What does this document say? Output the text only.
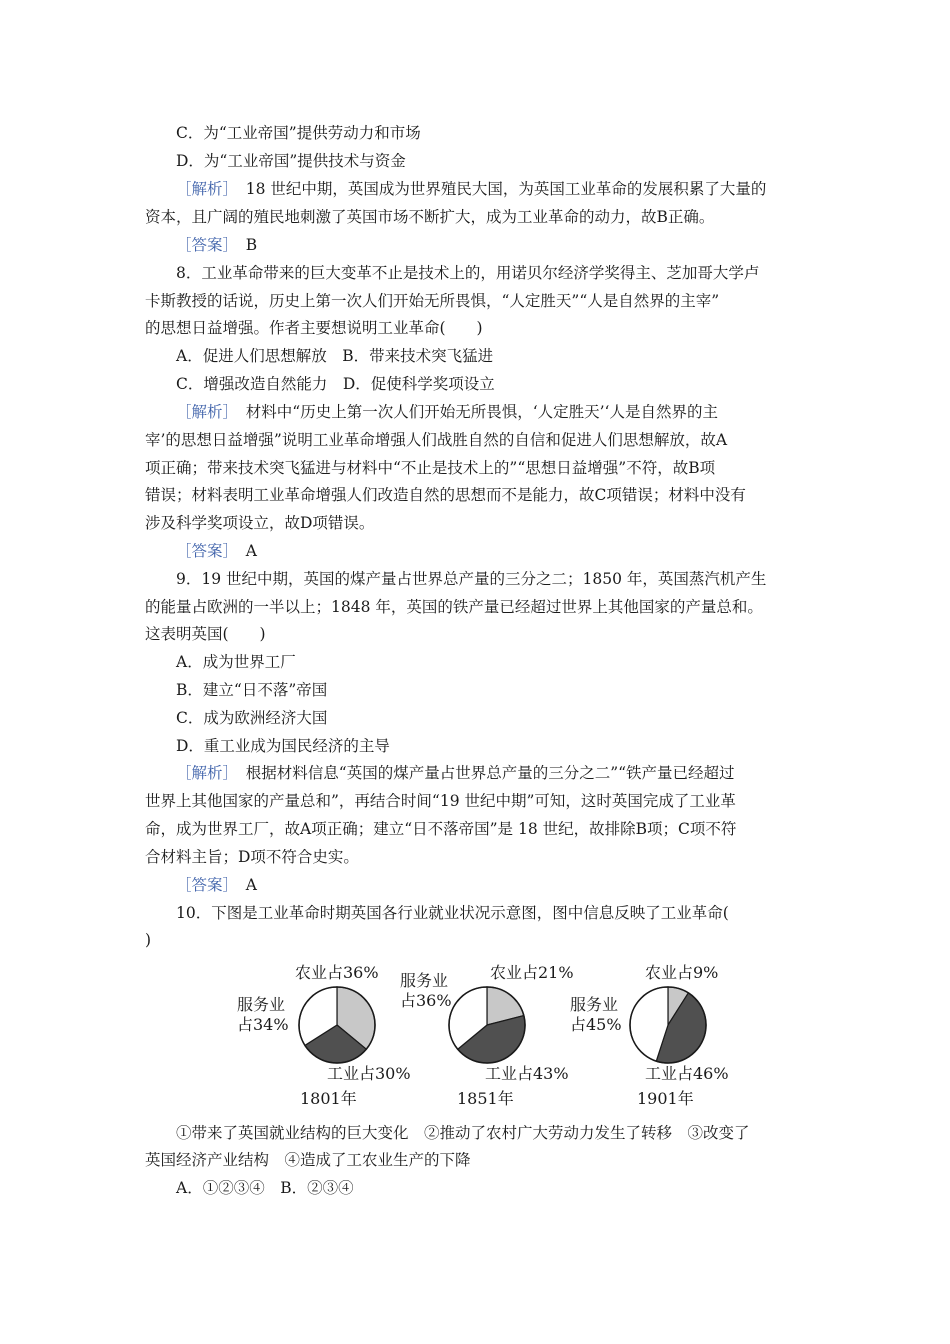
C．为“工业帝国”提供劳动力和市场
D．为“工业帝国”提供技术与资金
［解析］　 18 世纪中期，英国成为世界殖民大国，为英国工业革命的发展积累了大量的
资本，且广阔的殖民地刺激了英国市场不断扩大，成为工业革命的动力，故B正确。
［答案］　 B
8．工业革命带来的巨大变革不止是技术上的，用诺贝尔经济学奖得主、芝加哥大学卢
卡斯教授的话说，历史上第一次人们开始无所畏惧，“人定胜天”“人是自然界的主宰”
的思想日益增强。作者主要想说明工业革命(　　)
A．促进人们思想解放　B．带来技术突飞猛进
C．增强改造自然能力　D．促使科学奖项设立
［解析］　 材料中“历史上第一次人们开始无所畏惧，‘人定胜天’‘人是自然界的主
宰’的思想日益增强”说明工业革命增强人们战胜自然的自信和促进人们思想解放，故A
项正确；带来技术突飞猛进与材料中“不止是技术上的”“思想日益增强”不符，故B项
错误；材料表明工业革命增强人们改造自然的思想而不是能力，故C项错误；材料中没有
涉及科学奖项设立，故D项错误。
［答案］　 A
9．19 世纪中期，英国的煤产量占世界总产量的三分之二；1850 年，英国蒸汽机产生
的能量占欧洲的一半以上；1848 年，英国的铁产量已经超过世界上其他国家的产量总和。
这表明英国(　　)
A．成为世界工厂
B．建立“日不落”帝国
C．成为欧洲经济大国
D．重工业成为国民经济的主导
［解析］　 根据材料信息“英国的煤产量占世界总产量的三分之二”“铁产量已经超过
世界上其他国家的产量总和”，再结合时间“19 世纪中期”可知，这时英国完成了工业革
命，成为世界工厂，故A项正确；建立“日不落帝国”是 18 世纪，故排除B项；C项不符
合材料主旨；D项不符合史实。
［答案］　 A
10．下图是工业革命时期英国各行业就业状况示意图，图中信息反映了工业革命(
)
农业占36%
工业占30%
服务业
占34%
1801年
农业占21%
工业占43%
服务业
占36%
1851年
农业占9%
工业占46%
服务业
占45%
1901年
①带来了英国就业结构的巨大变化　②推动了农村广大劳动力发生了转移　③改变了
英国经济产业结构　④造成了工农业生产的下降
A．①②③④　B．②③④
